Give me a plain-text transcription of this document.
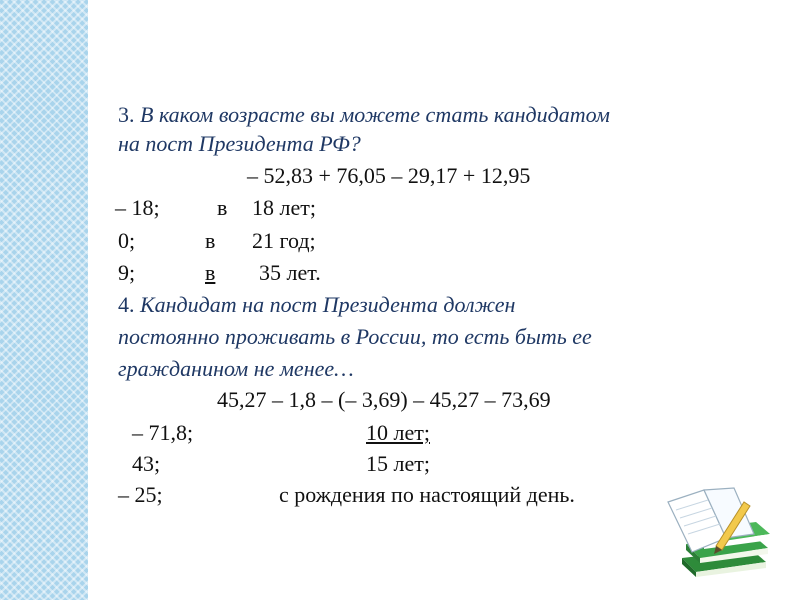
3. В каком возрасте вы можете стать кандидатом
на пост Президента РФ?
– 52,83 + 76,05 – 29,17 + 12,95
– 18;	в 18 лет;
0;	в 21 год;
9;	в 35 лет.
4. Кандидат на пост Президента должен
постоянно проживать в России, то есть быть ее
гражданином не менее…
45,27 – 1,8 – (– 3,69) – 45,27 – 73,69
– 71,8;	10 лет;
43;	15 лет;
– 25;	с рождения по настоящий день.
